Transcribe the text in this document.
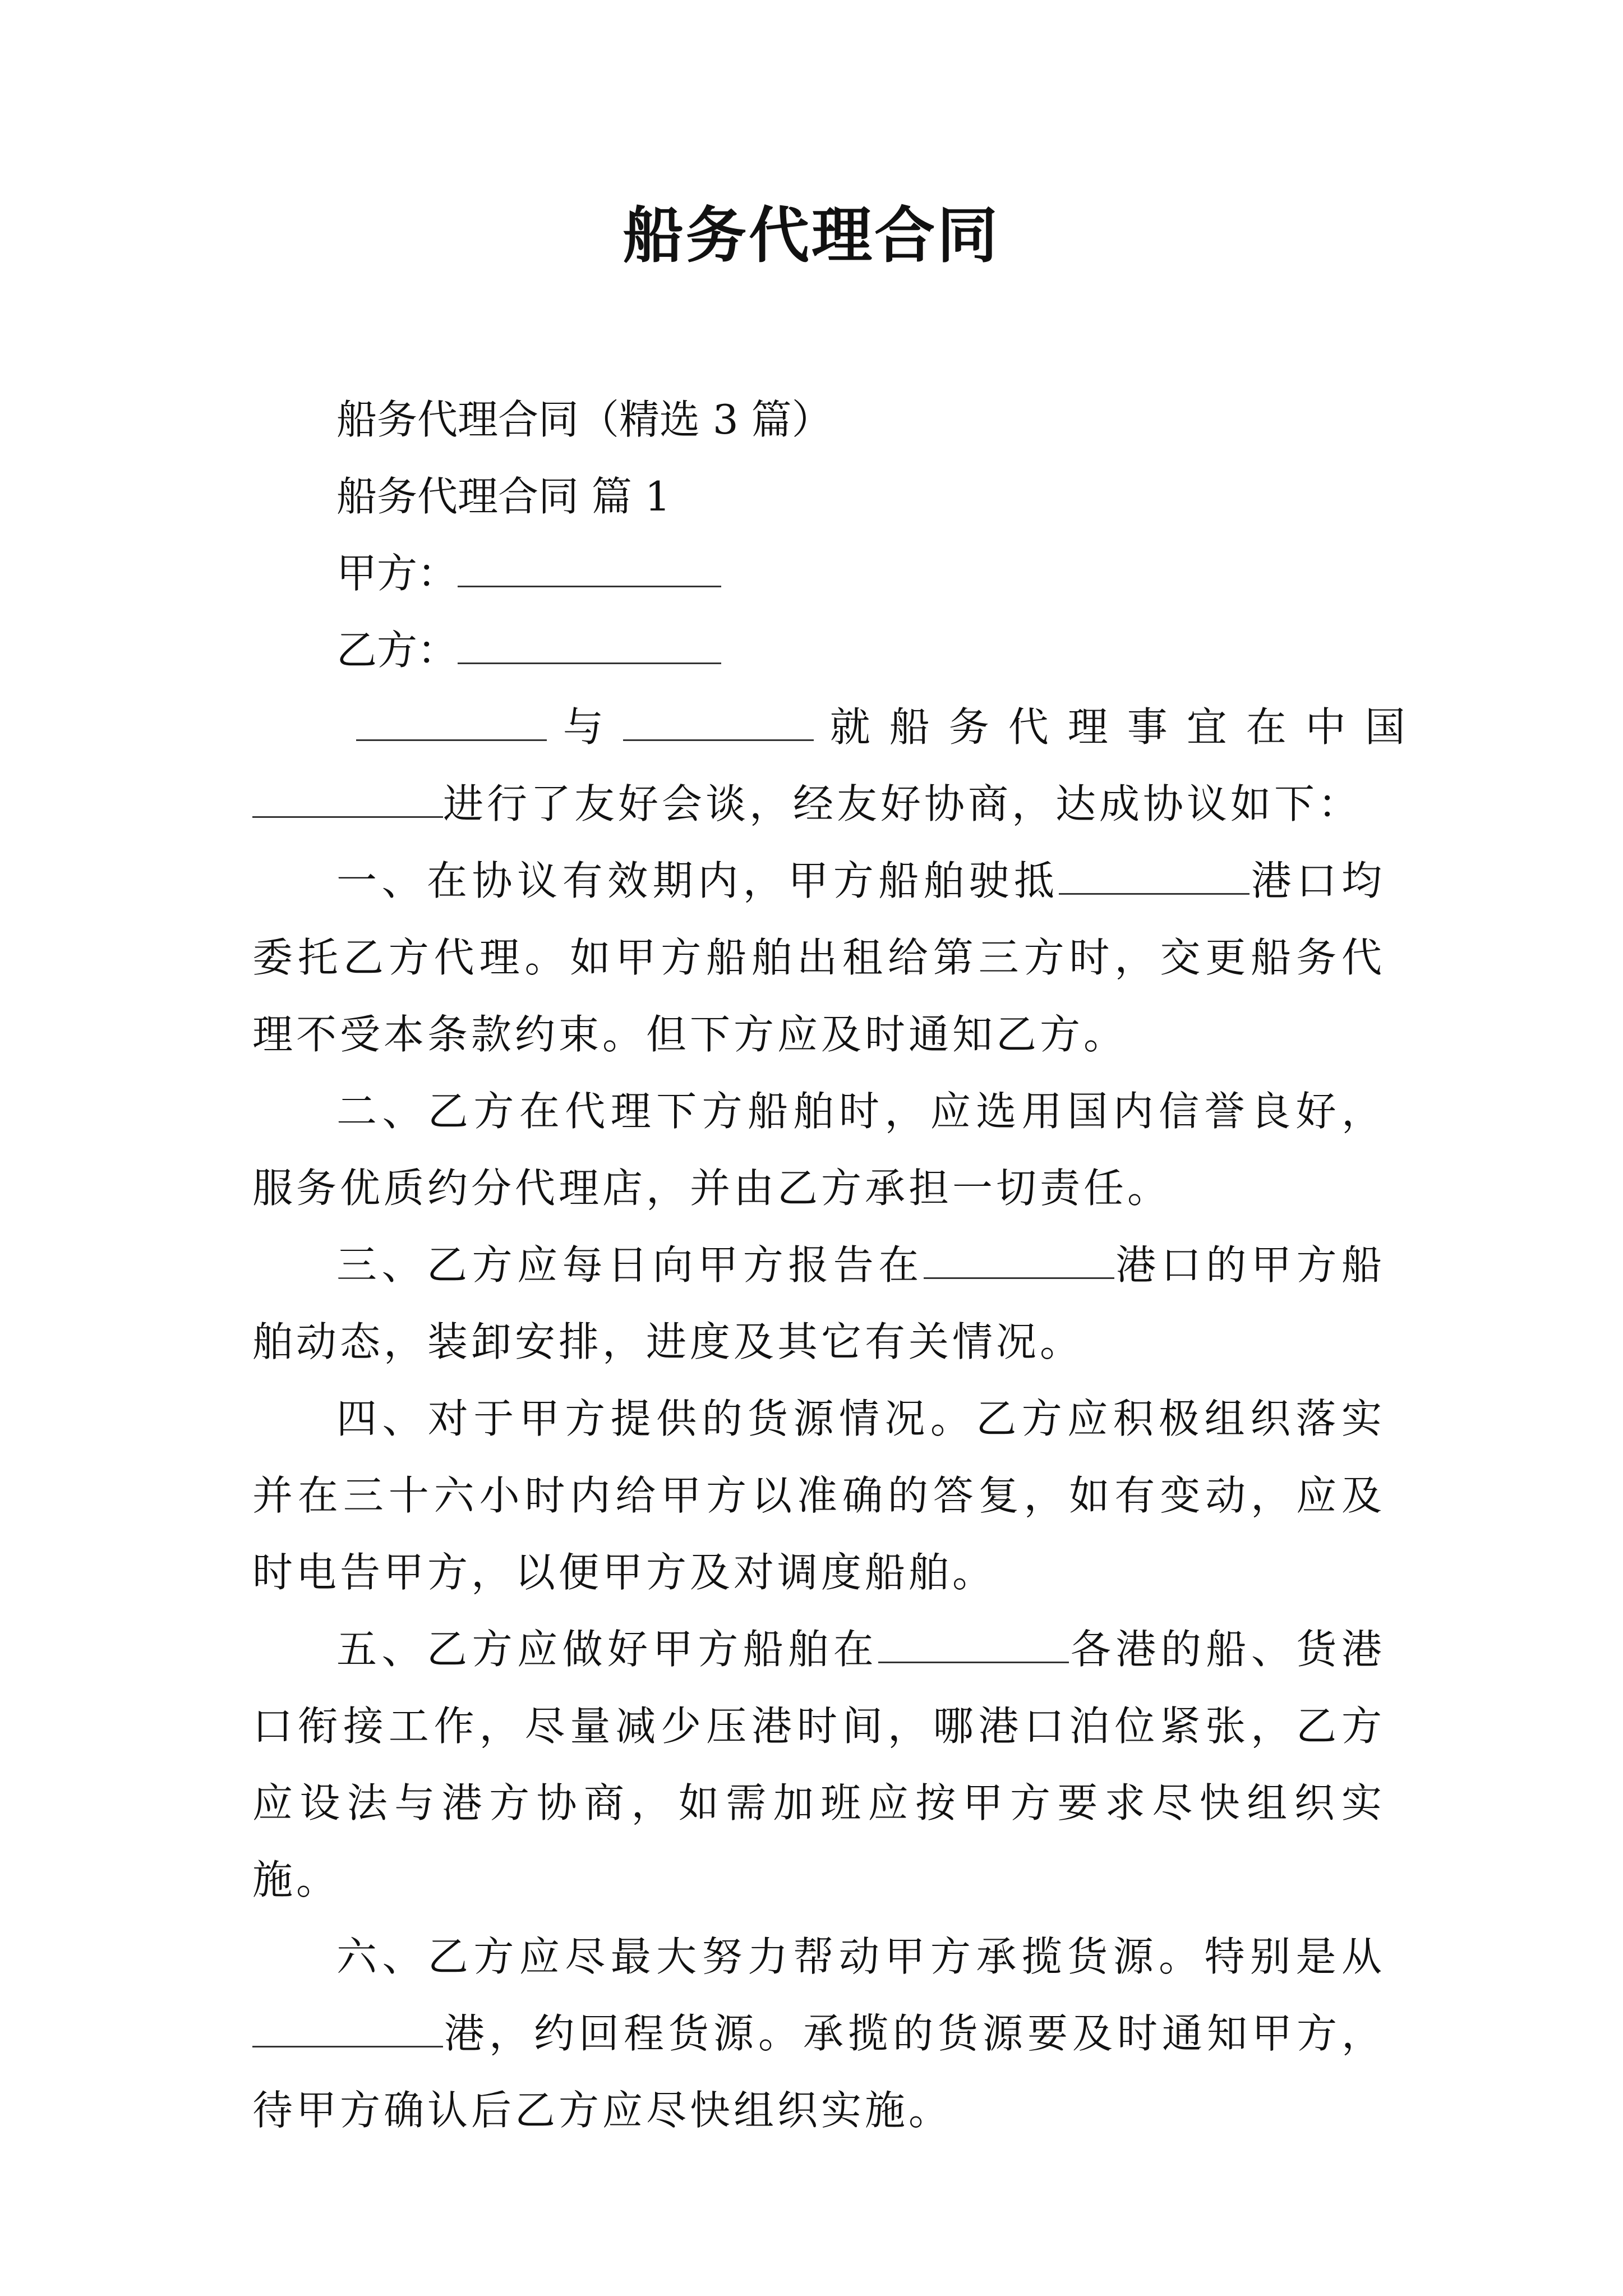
船务代理合同
船务代理合同（精选 3 篇）
船务代理合同 篇 1
甲方：
乙方：
与	就船务代理事宜在中国
进行了友好会谈，经友好协商，达成协议如下：
一、在协议有效期内，甲方船舶驶抵	港口均委托乙方代理。如甲方船舶出租给第三方时，交更船务代理不受本条款约束。但下方应及时通知乙方。
二、乙方在代理下方船舶时，应选用国内信誉良好，服务优质约分代理店，并由乙方承担一切责任。
三、乙方应每日向甲方报告在	港口的甲方船舶动态，装卸安排，进度及其它有关情况。
四、对于甲方提供的货源情况。乙方应积极组织落实并在三十六小时内给甲方以准确的答复，如有变动，应及时电告甲方，以便甲方及对调度船舶。
五、乙方应做好甲方船舶在	各港的船、货港口衔接工作，尽量减少压港时间，哪港口泊位紧张，乙方应设法与港方协商，如需加班应按甲方要求尽快组织实施。
六、乙方应尽最大努力帮动甲方承揽货源。特别是从港，约回程货源。承揽的货源要及时通知甲方，待甲方确认后乙方应尽快组织实施。
